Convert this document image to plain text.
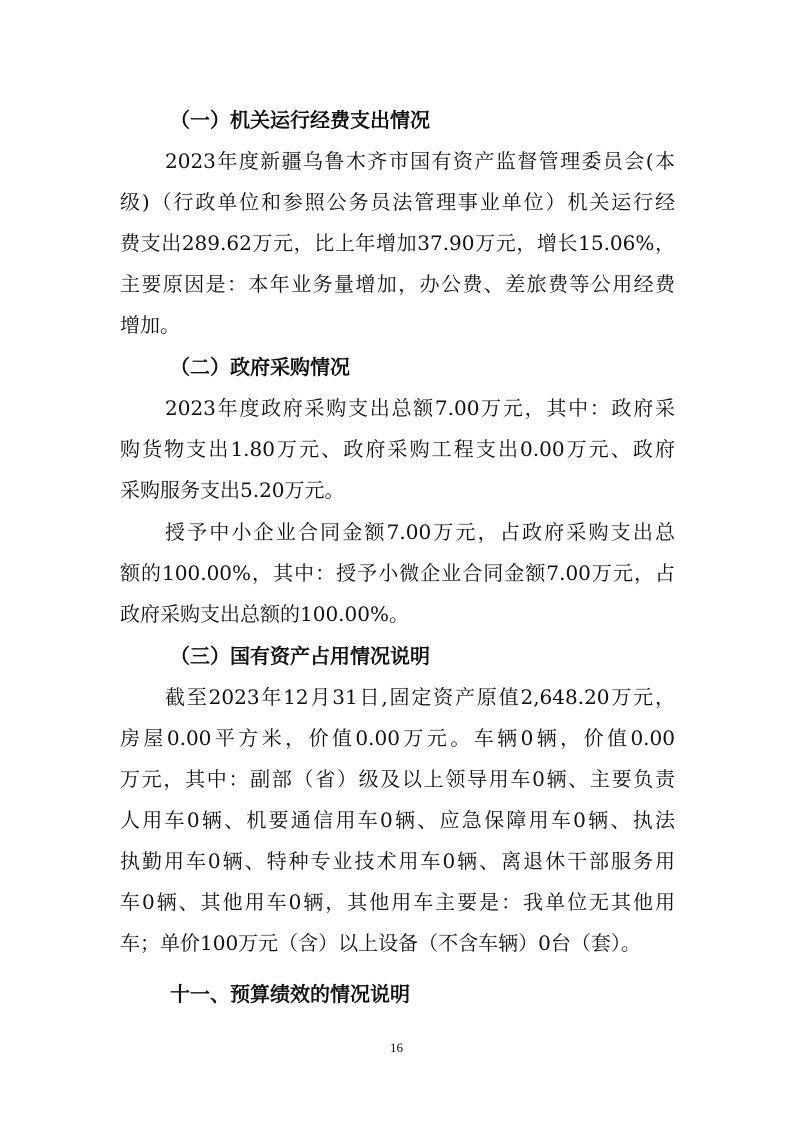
（一）机关运行经费支出情况
2023年度新疆乌鲁木齐市国有资产监督管理委员会(本
级)（行政单位和参照公务员法管理事业单位）机关运行经
费支出289.62万元，比上年增加37.90万元，增长15.06%，
主要原因是：本年业务量增加，办公费、差旅费等公用经费
增加。
（二）政府采购情况
2023年度政府采购支出总额7.00万元，其中：政府采
购货物支出1.80万元、政府采购工程支出0.00万元、政府
采购服务支出5.20万元。
授予中小企业合同金额7.00万元，占政府采购支出总
额的100.00%，其中：授予小微企业合同金额7.00万元，占
政府采购支出总额的100.00%。
（三）国有资产占用情况说明
截至2023年12月31日,固定资产原值2,648.20万元，
房屋0.00平方米，价值0.00万元。车辆0辆，价值0.00
万元，其中：副部（省）级及以上领导用车0辆、主要负责
人用车0辆、机要通信用车0辆、应急保障用车0辆、执法
执勤用车0辆、特种专业技术用车0辆、离退休干部服务用
车0辆、其他用车0辆，其他用车主要是：我单位无其他用
车；单价100万元（含）以上设备（不含车辆）0台（套）。
十一、预算绩效的情况说明
16
